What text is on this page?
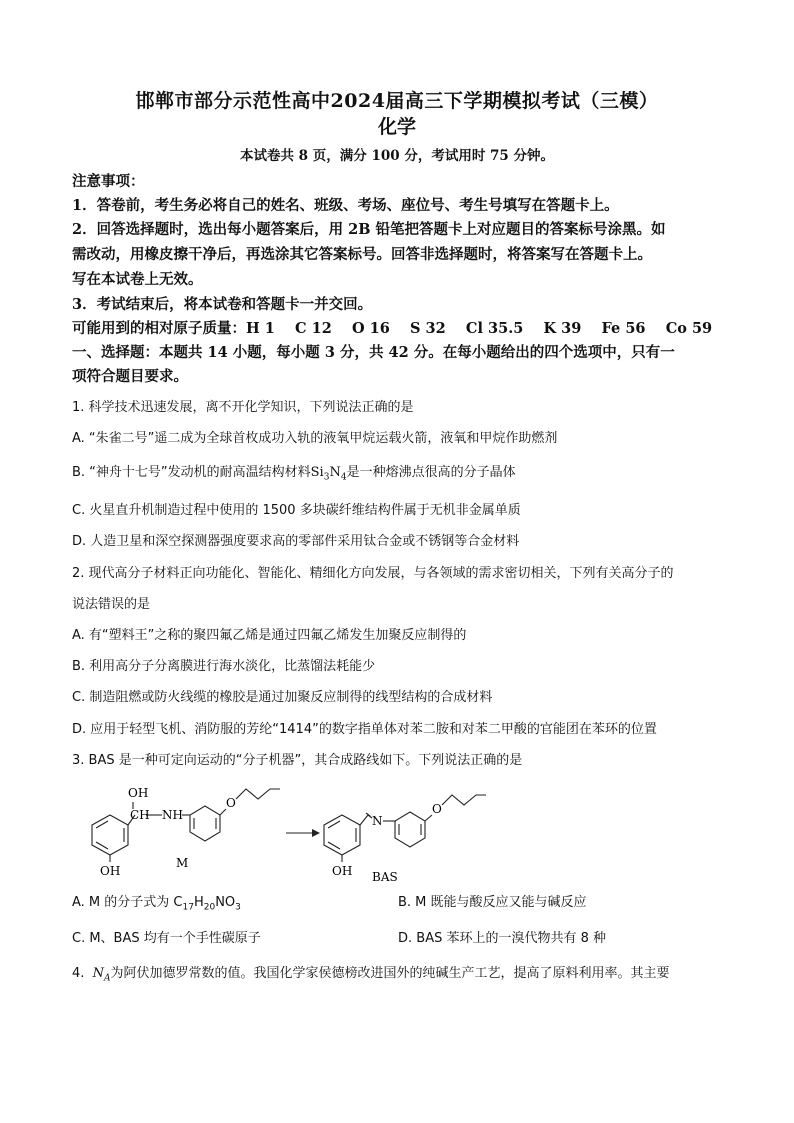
邯郸市部分示范性高中2024届高三下学期模拟考试（三模）
化学
本试卷共 8 页，满分 100 分，考试用时 75 分钟。
注意事项：
1．答卷前，考生务必将自己的姓名、班级、考场、座位号、考生号填写在答题卡上。
2．回答选择题时，选出每小题答案后，用 2B 铅笔把答题卡上对应题目的答案标号涂黑。如
需改动，用橡皮擦干净后，再选涂其它答案标号。回答非选择题时，将答案写在答题卡上。
写在本试卷上无效。
3．考试结束后，将本试卷和答题卡一并交回。
可能用到的相对原子质量：H 1    C 12    O 16    S 32    Cl 35.5    K 39    Fe 56    Co 59
一、选择题：本题共 14 小题，每小题 3 分，共 42 分。在每小题给出的四个选项中，只有一
项符合题目要求。
1. 科学技术迅速发展，离不开化学知识，下列说法正确的是
A. “朱雀二号”遥二成为全球首枚成功入轨的液氧甲烷运载火箭，液氧和甲烷作助燃剂
B. “神舟十七号”发动机的耐高温结构材料$Si_3N_4$是一种熔沸点很高的分子晶体
C. 火星直升机制造过程中使用的 1500 多块碳纤维结构件属于无机非金属单质
D. 人造卫星和深空探测器强度要求高的零部件采用钛合金或不锈钢等合金材料
2. 现代高分子材料正向功能化、智能化、精细化方向发展，与各领域的需求密切相关，下列有关高分子的
说法错误的是
A. 有“塑料王”之称的聚四氟乙烯是通过四氟乙烯发生加聚反应制得的
B. 利用高分子分离膜进行海水淡化，比蒸馏法耗能少
C. 制造阻燃或防火线缆的橡胶是通过加聚反应制得的线型结构的合成材料
D. 应用于轻型飞机、消防服的芳纶“1414”的数字指单体对苯二胺和对苯二甲酸的官能团在苯环的位置
3. BAS 是一种可定向运动的“分子机器”，其合成路线如下。下列说法正确的是
OH
CH NH
O
OH
M
N
O
OH BAS
A. M 的分子式为 $C_{17}H_{20}NO_3$	B. M 既能与酸反应又能与碱反应
C. M、BAS 均有一个手性碳原子	D. BAS 苯环上的一溴代物共有 8 种
4. $N_A$为阿伏加德罗常数的值。我国化学家侯德榜改进国外的纯碱生产工艺，提高了原料利用率。其主要
